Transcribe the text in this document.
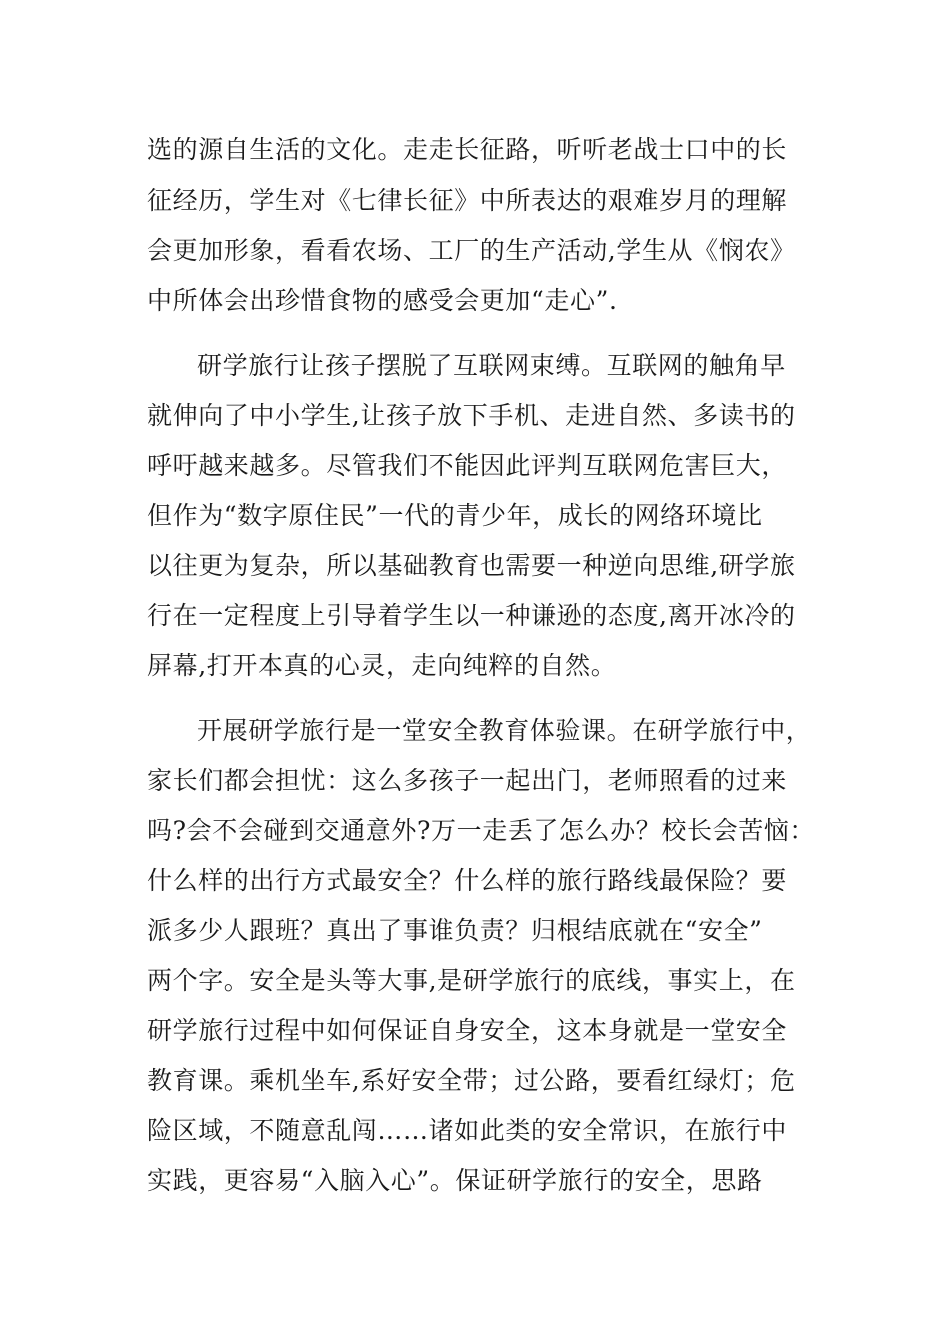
选的源自生活的文化。走走长征路，听听老战士口中的长
征经历，学生对《七律长征》中所表达的艰难岁月的理解
会更加形象，看看农场、工厂的生产活动,学生从《悯农》
中所体会出珍惜食物的感受会更加“走心”.
研学旅行让孩子摆脱了互联网束缚。互联网的触角早
就伸向了中小学生,让孩子放下手机、走进自然、多读书的
呼吁越来越多。尽管我们不能因此评判互联网危害巨大，
但作为“数字原住民”一代的青少年，成长的网络环境比
以往更为复杂，所以基础教育也需要一种逆向思维,研学旅
行在一定程度上引导着学生以一种谦逊的态度,离开冰冷的
屏幕,打开本真的心灵，走向纯粹的自然。
开展研学旅行是一堂安全教育体验课。在研学旅行中，
家长们都会担忧：这么多孩子一起出门，老师照看的过来
吗?会不会碰到交通意外?万一走丢了怎么办？校长会苦恼：
什么样的出行方式最安全？什么样的旅行路线最保险？要
派多少人跟班？真出了事谁负责？归根结底就在“安全”
两个字。安全是头等大事,是研学旅行的底线，事实上，在
研学旅行过程中如何保证自身安全，这本身就是一堂安全
教育课。乘机坐车,系好安全带；过公路，要看红绿灯；危
险区域，不随意乱闯……诸如此类的安全常识，在旅行中
实践，更容易“入脑入心”。保证研学旅行的安全，思路
